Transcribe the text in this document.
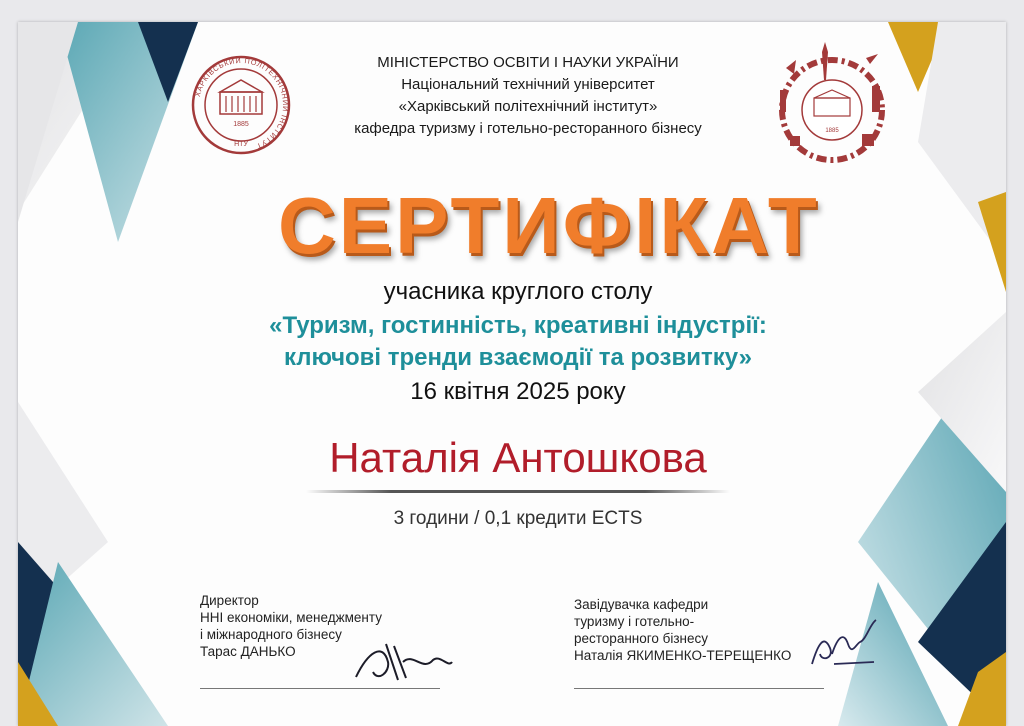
ХАРКІВСЬКИЙ ПОЛІТЕХНІЧНИЙ ІНСТИТУТ
1885
НТУ
1885
МІНІСТЕРСТВО ОСВІТИ І НАУКИ УКРАЇНИ
Національний технічний університет
«Харківський політехнічний інститут»
кафедра туризму і готельно-ресторанного бізнесу
СЕРТИФІКАТ
учасника круглого столу
«Туризм, гостинність, креативні індустрії:
ключові тренди взаємодії та розвитку»
16 квітня 2025 року
Наталія Антошкова
3 години / 0,1 кредити ECTS
Директор
ННІ економіки, менеджменту
і міжнародного бізнесу
Тарас ДАНЬКО
Завідувачка кафедри
туризму і готельно-
ресторанного бізнесу
Наталія ЯКИМЕНКО-ТЕРЕЩЕНКО
